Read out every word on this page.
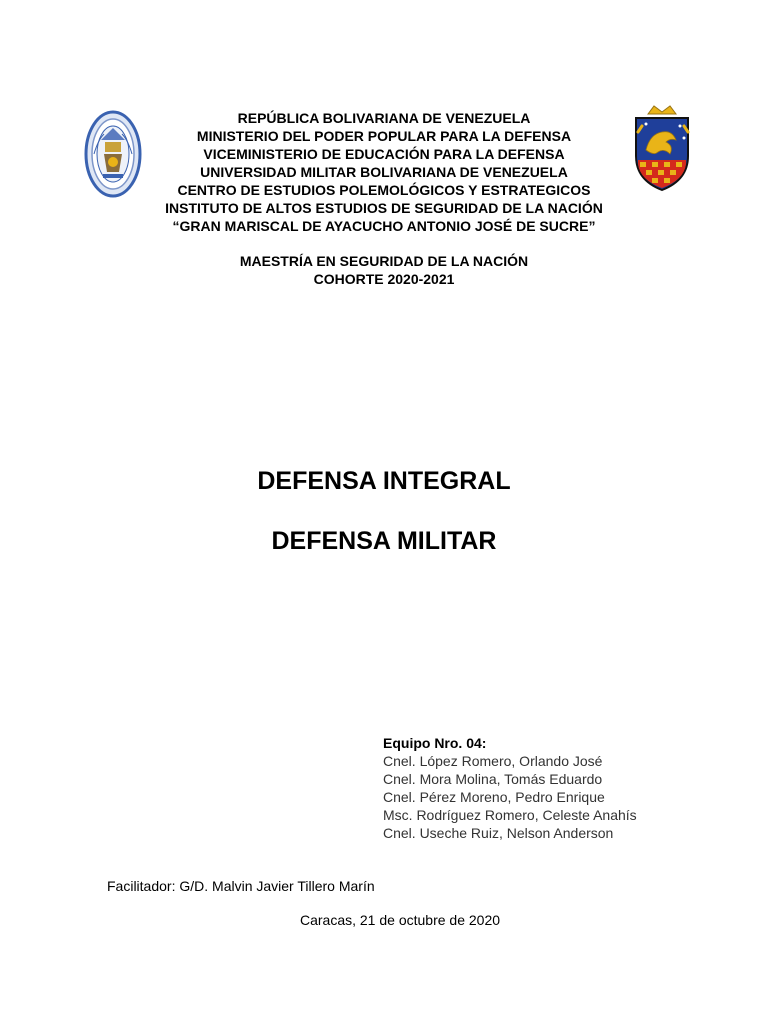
REPÚBLICA BOLIVARIANA DE VENEZUELA
MINISTERIO DEL PODER POPULAR PARA LA DEFENSA
VICEMINISTERIO DE EDUCACIÓN PARA LA DEFENSA
UNIVERSIDAD MILITAR BOLIVARIANA DE VENEZUELA
CENTRO DE ESTUDIOS POLEMOLÓGICOS Y ESTRATEGICOS
INSTITUTO DE ALTOS ESTUDIOS DE SEGURIDAD DE LA NACIÓN
“GRAN MARISCAL DE AYACUCHO ANTONIO JOSÉ DE SUCRE”
MAESTRÍA EN SEGURIDAD DE LA NACIÓN
COHORTE 2020-2021
DEFENSA INTEGRAL
DEFENSA MILITAR
Equipo Nro. 04:
Cnel. López Romero, Orlando José
Cnel. Mora Molina, Tomás Eduardo
Cnel. Pérez Moreno, Pedro Enrique
Msc. Rodríguez Romero, Celeste Anahís
Cnel. Useche Ruiz, Nelson Anderson
Facilitador: G/D. Malvin Javier Tillero Marín
Caracas, 21 de octubre de 2020
